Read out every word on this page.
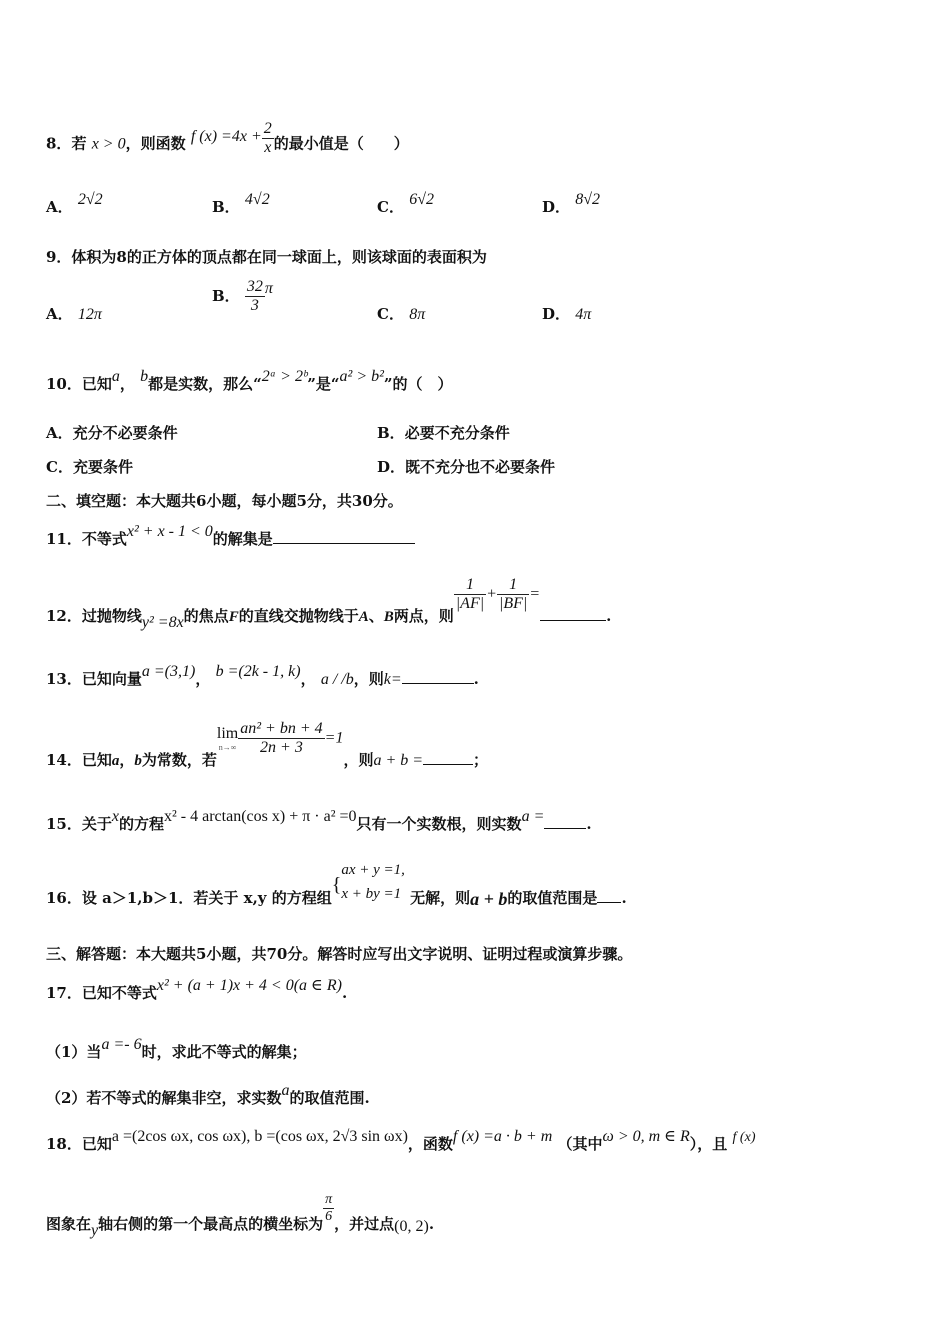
8．若 x > 0，则函数 f $(x) =4x + \frac{2}{x}$ 的最小值是（　　）
A． 2√2	B． 4√2	C． 6√2	D． 8√2
9．体积为8的正方体的顶点都在同一球面上，则该球面的表面积为
A． 12π
B． $\frac{32}{3}$ π
C． 8π	D． 4π
10．已知a， b都是实数，那么“2ᵃ > 2ᵇ”是“a² > b²”的（　）
A．充分不必要条件	B．必要不充分条件
C．充要条件	D．既不充分也不必要条件
二、填空题：本大题共6小题，每小题5分，共30分。
11．不等式x² + x - 1 < 0的解集是
12．过抛物线y² =8x的焦点F的直线交抛物线于A、B两点，则
$\frac{1}{|AF|} + \frac{1}{|BF|}$ =.
13．已知向量a =(3,1)， b =(2k - 1, k)， a / /b，则k=	.
14．已知a，b为常数，若
lim
$n\to\infty \frac{\text{an² + bn + 4}}{2n + 3} =1$，则a + b =	；
15．关于x的方程x² - 4 arctan(cos x) + π · a² =0只有一个实数根，则实数a =	.
16．设 a＞1,b＞1．若关于 x,y 的方程组{
ax + y =1,
x + by =1 无解，则a + b的取值范围是 .
三、解答题：本大题共5小题，共70分。解答时应写出文字说明、证明过程或演算步骤。
17．已知不等式x² + (a + 1)x + 4 < 0(a ∈ R).
（1）当a =- 6时，求此不等式的解集；
（2）若不等式的解集非空，求实数a的取值范围.
18．已知a =(2cos ωx, cos ωx), b =(cos ωx, 2√3 sin ωx)，函数f (x) =a · b + m （其中ω > 0, m ∈ R），且 f (x)
图象在y轴右侧的第一个最高点的横坐标为 $\frac{\pi}{6}$ ，并过点(0, 2).
